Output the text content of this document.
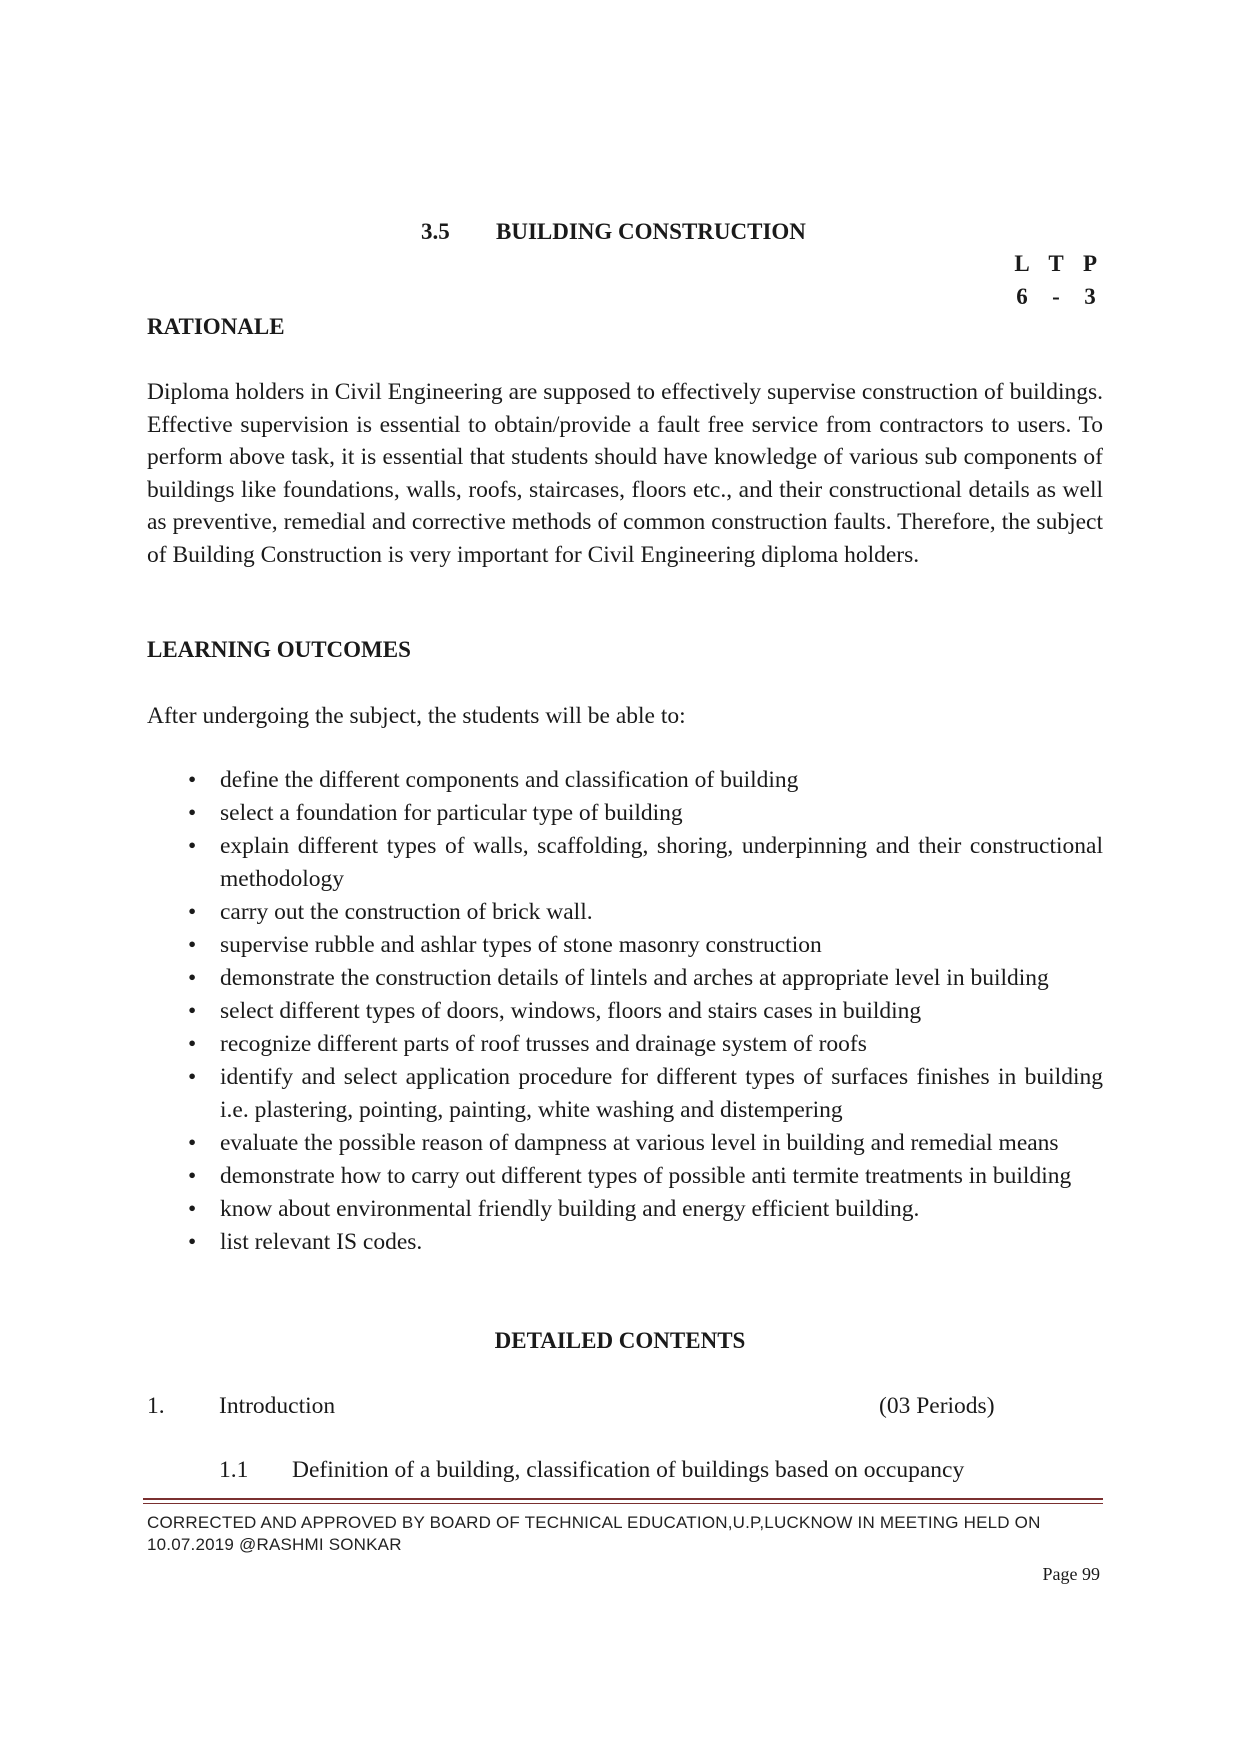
3.5 BUILDING CONSTRUCTION
L T P
6	-	3
RATIONALE
Diploma holders in Civil Engineering are supposed to effectively supervise construction of buildings. Effective supervision is essential to obtain/provide a fault free service from contractors to users. To perform above task, it is essential that students should have knowledge of various sub components of buildings like foundations, walls, roofs, staircases, floors etc., and their constructional details as well as preventive, remedial and corrective methods of common construction faults. Therefore, the subject of Building Construction is very important for Civil Engineering diploma holders.
LEARNING OUTCOMES
After undergoing the subject, the students will be able to:
• define the different components and classification of building
• select a foundation for particular type of building
• explain different types of walls, scaffolding, shoring, underpinning and their constructional methodology
• carry out the construction of brick wall.
• supervise rubble and ashlar types of stone masonry construction
• demonstrate the construction details of lintels and arches at appropriate level in building
• select different types of doors, windows, floors and stairs cases in building
• recognize different parts of roof trusses and drainage system of roofs
• identify and select application procedure for different types of surfaces finishes in building i.e. plastering, pointing, painting, white washing and distempering
• evaluate the possible reason of dampness at various level in building and remedial means
• demonstrate how to carry out different types of possible anti termite treatments in building
• know about environmental friendly building and energy efficient building.
• list relevant IS codes.
DETAILED CONTENTS
1. Introduction	(03 Periods)
1.1 Definition of a building, classification of buildings based on occupancy
CORRECTED AND APPROVED BY BOARD OF TECHNICAL EDUCATION,U.P,LUCKNOW IN MEETING HELD ON
10.07.2019 @RASHMI SONKAR
Page 99
